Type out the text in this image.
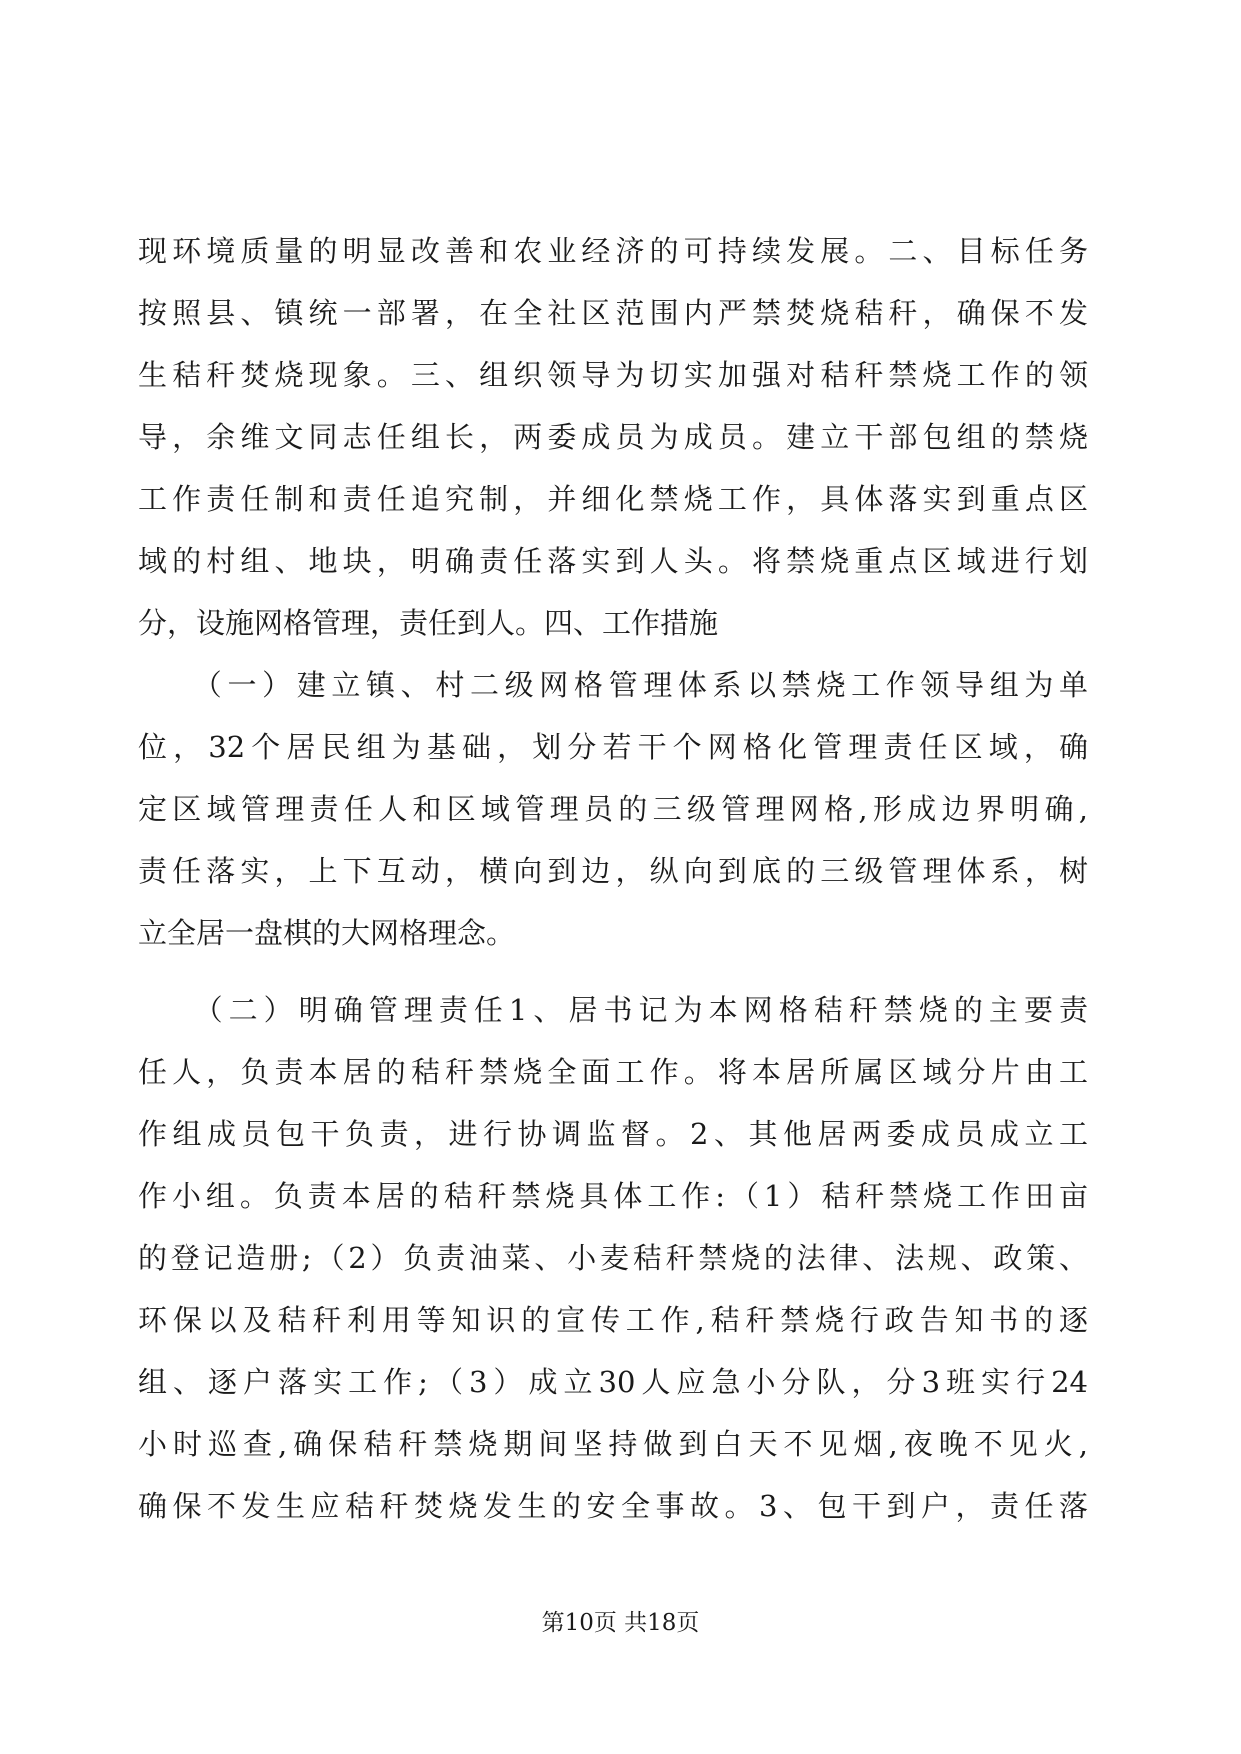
现环境质量的明显改善和农业经济的可持续发展。二、目标任务
按照县、镇统一部署，在全社区范围内严禁焚烧秸秆，确保不发
生秸秆焚烧现象。三、组织领导为切实加强对秸秆禁烧工作的领
导，余维文同志任组长，两委成员为成员。建立干部包组的禁烧
工作责任制和责任追究制，并细化禁烧工作，具体落实到重点区
域的村组、地块，明确责任落实到人头。将禁烧重点区域进行划
分，设施网格管理，责任到人。四、工作措施
　　（一）建立镇、村二级网格管理体系以禁烧工作领导组为单
位，32个居民组为基础，划分若干个网格化管理责任区域，确
定区域管理责任人和区域管理员的三级管理网格,形成边界明确,
责任落实，上下互动，横向到边，纵向到底的三级管理体系，树
立全居一盘棋的大网格理念。
　　（二）明确管理责任1、居书记为本网格秸秆禁烧的主要责
任人，负责本居的秸秆禁烧全面工作。将本居所属区域分片由工
作组成员包干负责，进行协调监督。2、其他居两委成员成立工
作小组。负责本居的秸秆禁烧具体工作:（1）秸秆禁烧工作田亩
的登记造册;（2）负责油菜、小麦秸秆禁烧的法律、法规、政策、
环保以及秸秆利用等知识的宣传工作,秸秆禁烧行政告知书的逐
组、逐户落实工作;（3）成立30人应急小分队，分3班实行24
小时巡查,确保秸秆禁烧期间坚持做到白天不见烟,夜晚不见火,
确保不发生应秸秆焚烧发生的安全事故。3、包干到户，责任落
第10页 共18页
